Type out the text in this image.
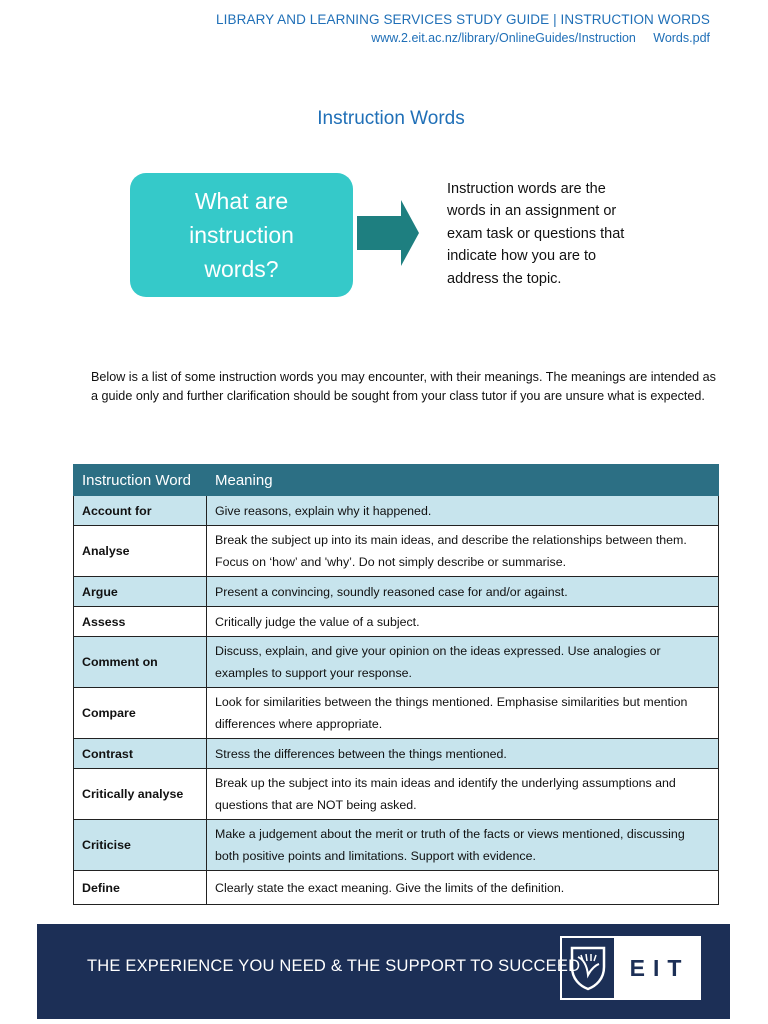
LIBRARY AND LEARNING SERVICES STUDY GUIDE | INSTRUCTION WORDS
www.2.eit.ac.nz/library/OnlineGuides/Instruction     Words.pdf
Instruction Words
What are
instruction
words?
Instruction words are the words in an assignment or exam task or questions that indicate how you are to address the topic.
Below is a list of some instruction words you may encounter, with their meanings. The meanings are intended as a guide only and further clarification should be sought from your class tutor if you are unsure what is expected.
Instruction Word	Meaning
Account for	Give reasons, explain why it happened.
Analyse	Break the subject up into its main ideas, and describe the relationships between them. Focus on ‘how’ and 'why’. Do not simply describe or summarise.
Argue	Present a convincing, soundly reasoned case for and/or against.
Assess	Critically judge the value of a subject.
Comment on	Discuss, explain, and give your opinion on the ideas expressed. Use analogies or examples to support your response.
Compare	Look for similarities between the things mentioned. Emphasise similarities but mention differences where appropriate.
Contrast	Stress the differences between the things mentioned.
Critically analyse	Break up the subject into its main ideas and identify the underlying assumptions and questions that are NOT being asked.
Criticise	Make a judgement about the merit or truth of the facts or views mentioned, discussing both positive points and limitations. Support with evidence.
Define	Clearly state the exact meaning. Give the limits of the definition.
THE EXPERIENCE YOU NEED & THE SUPPORT TO SUCCEED	EIT
